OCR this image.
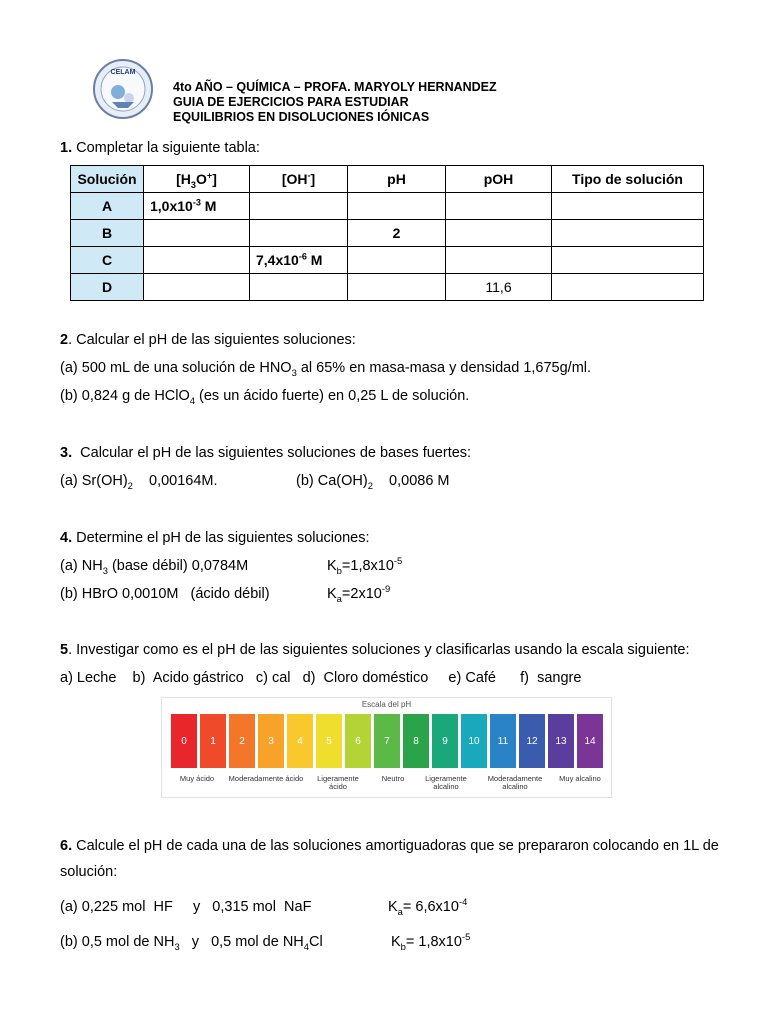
CELAM
4to AÑO – QUÍMICA – PROFA. MARYOLY HERNANDEZ
GUIA DE EJERCICIOS PARA ESTUDIAR
EQUILIBRIOS EN DISOLUCIONES IÓNICAS
1. Completar la siguiente tabla:
Solución	$[H_3O^+]$	[OH-]	pH	pOH	Tipo de solución
A	$1,0x10^{-3}$ M				
B			2		
C		$7,4x10^{-6}$ M			
D				11,6	
2. Calcular el pH de las siguientes soluciones:
(a) 500 mL de una solución de $HNO_3$ al 65% en masa-masa y densidad 1,675g/ml.
(b) 0,824 g de HClO$_4$ (es un ácido fuerte) en 0,25 L de solución.
3. Calcular el pH de las siguientes soluciones de bases fuertes:
(a) $Sr(OH)_2$    0,00164M.	(b) $Ca(OH)_2$    0,0086 M
4. Determine el pH de las siguientes soluciones:
(a) $NH_3$ (base débil) 0,0784M	$K_b=1,8x10^{-5}$
(b) HBrO 0,0010M   (ácido débil)	$K_a=2x10^{-9}$
5. Investigar como es el pH de las siguientes soluciones y clasificarlas usando la escala siguiente:
a) Leche    b)  Acido gástrico   c) cal   d)  Cloro doméstico     e) Café      f)  sangre
Escala del pH
0	1	2	3	4	5	6	7	8	9	10	11	12	13	14
Muy ácido	Moderadamente ácido	Ligeramente ácido
Neutro	Ligeramente alcalino
Moderadamente alcalino
Muy alcalino
6. Calcule el pH de cada una de las soluciones amortiguadoras que se prepararon colocando en 1L de
solución:
(a) 0,225 mol  HF     y   0,315 mol  NaF	$K_a= 6,6x10^{-4}$
(b) 0,5 mol de $NH_3$   y   0,5 mol de $NH_4Cl$	$K_b= 1,8x10^{-5}$
